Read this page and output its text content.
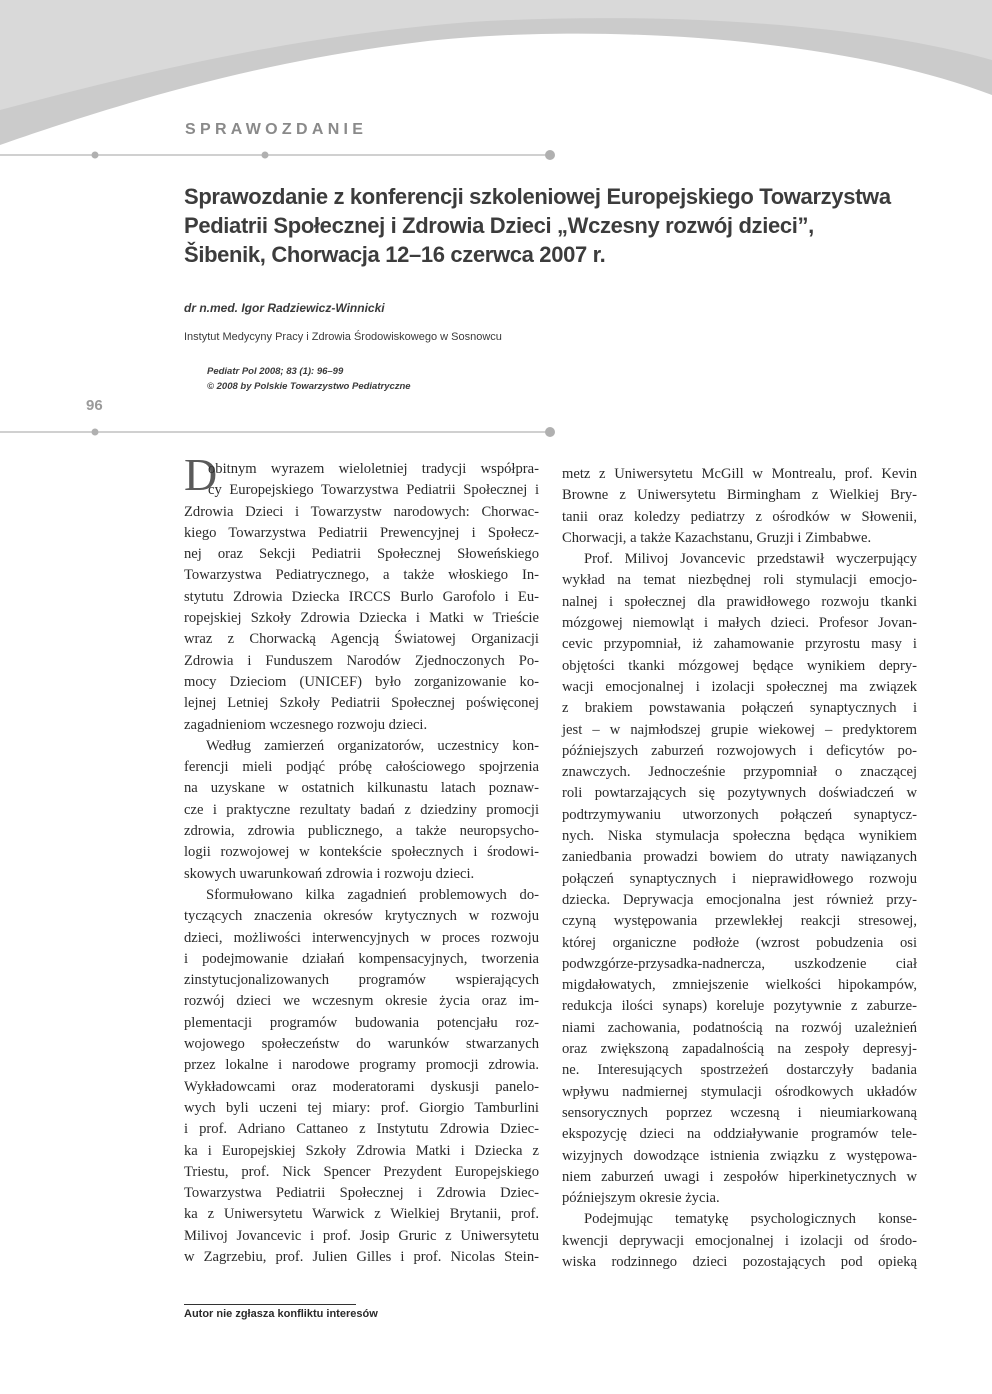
SPRAWOZDANIE
Sprawozdanie z konferencji szkoleniowej Europejskiego Towarzystwa
Pediatrii Społecznej i Zdrowia Dzieci „Wczesny rozwój dzieci”,
Šibenik, Chorwacja 12–16 czerwca 2007 r.
dr n.med. Igor Radziewicz-Winnicki
Instytut Medycyny Pracy i Zdrowia Środowiskowego w Sosnowcu
Pediatr Pol 2008; 83 (1): 96–99
© 2008 by Polskie Towarzystwo Pediatryczne
96
D
obitnym wyrazem wieloletniej tradycji współpra-
cy Europejskiego Towarzystwa Pediatrii Społecznej i
Zdrowia Dzieci i Towarzystw narodowych: Chorwac-
kiego Towarzystwa Pediatrii Prewencyjnej i Społecz-
nej oraz Sekcji Pediatrii Społecznej Słoweńskiego
Towarzystwa Pediatrycznego, a także włoskiego In-
stytutu Zdrowia Dziecka IRCCS Burlo Garofolo i Eu-
ropejskiej Szkoły Zdrowia Dziecka i Matki w Trieście
wraz z Chorwacką Agencją Światowej Organizacji
Zdrowia i Funduszem Narodów Zjednoczonych Po-
mocy Dzieciom (UNICEF) było zorganizowanie ko-
lejnej Letniej Szkoły Pediatrii Społecznej poświęconej
zagadnieniom wczesnego rozwoju dzieci.
Według zamierzeń organizatorów, uczestnicy kon-
ferencji mieli podjąć próbę całościowego spojrzenia
na uzyskane w ostatnich kilkunastu latach poznaw-
cze i praktyczne rezultaty badań z dziedziny promocji
zdrowia, zdrowia publicznego, a także neuropsycho-
logii rozwojowej w kontekście społecznych i środowi-
skowych uwarunkowań zdrowia i rozwoju dzieci.
Sformułowano kilka zagadnień problemowych do-
tyczących znaczenia okresów krytycznych w rozwoju
dzieci, możliwości interwencyjnych w proces rozwoju
i podejmowanie działań kompensacyjnych, tworzenia
zinstytucjonalizowanych programów wspierających
rozwój dzieci we wczesnym okresie życia oraz im-
plementacji programów budowania potencjału roz-
wojowego społeczeństw do warunków stwarzanych
przez lokalne i narodowe programy promocji zdrowia.
Wykładowcami oraz moderatorami dyskusji panelo-
wych byli uczeni tej miary: prof. Giorgio Tamburlini
i prof. Adriano Cattaneo z Instytutu Zdrowia Dziec-
ka i Europejskiej Szkoły Zdrowia Matki i Dziecka z
Triestu, prof. Nick Spencer Prezydent Europejskiego
Towarzystwa Pediatrii Społecznej i Zdrowia Dziec-
ka z Uniwersytetu Warwick z Wielkiej Brytanii, prof.
Milivoj Jovancevic i prof. Josip Gruric z Uniwersytetu
w Zagrzebiu, prof. Julien Gilles i prof. Nicolas Stein-
metz z Uniwersytetu McGill w Montrealu, prof. Kevin
Browne z Uniwersytetu Birmingham z Wielkiej Bry-
tanii oraz koledzy pediatrzy z ośrodków w Słowenii,
Chorwacji, a także Kazachstanu, Gruzji i Zimbabwe.
Prof. Milivoj Jovancevic przedstawił wyczerpujący
wykład na temat niezbędnej roli stymulacji emocjo-
nalnej i społecznej dla prawidłowego rozwoju tkanki
mózgowej niemowląt i małych dzieci. Profesor Jovan-
cevic przypomniał, iż zahamowanie przyrostu masy i
objętości tkanki mózgowej będące wynikiem depry-
wacji emocjonalnej i izolacji społecznej ma związek
z brakiem powstawania połączeń synaptycznych i
jest – w najmłodszej grupie wiekowej – predyktorem
późniejszych zaburzeń rozwojowych i deficytów po-
znawczych. Jednocześnie przypomniał o znaczącej
roli powtarzających się pozytywnych doświadczeń w
podtrzymywaniu utworzonych połączeń synaptycz-
nych. Niska stymulacja społeczna będąca wynikiem
zaniedbania prowadzi bowiem do utraty nawiązanych
połączeń synaptycznych i nieprawidłowego rozwoju
dziecka. Deprywacja emocjonalna jest również przy-
czyną występowania przewlekłej reakcji stresowej,
której organiczne podłoże (wzrost pobudzenia osi
podwzgórze-przysadka-nadnercza, uszkodzenie ciał
migdałowatych, zmniejszenie wielkości hipokampów,
redukcja ilości synaps) koreluje pozytywnie z zaburze-
niami zachowania, podatnością na rozwój uzależnień
oraz zwiększoną zapadalnością na zespoły depresyj-
ne. Interesujących spostrzeżeń dostarczyły badania
wpływu nadmiernej stymulacji ośrodkowych układów
sensorycznych poprzez wczesną i nieumiarkowaną
ekspozycję dzieci na oddziaływanie programów tele-
wizyjnych dowodzące istnienia związku z występowa-
niem zaburzeń uwagi i zespołów hiperkinetycznych w
późniejszym okresie życia.
Podejmując tematykę psychologicznych konse-
kwencji deprywacji emocjonalnej i izolacji od środo-
wiska rodzinnego dzieci pozostających pod opieką
Autor nie zgłasza konfliktu interesów
